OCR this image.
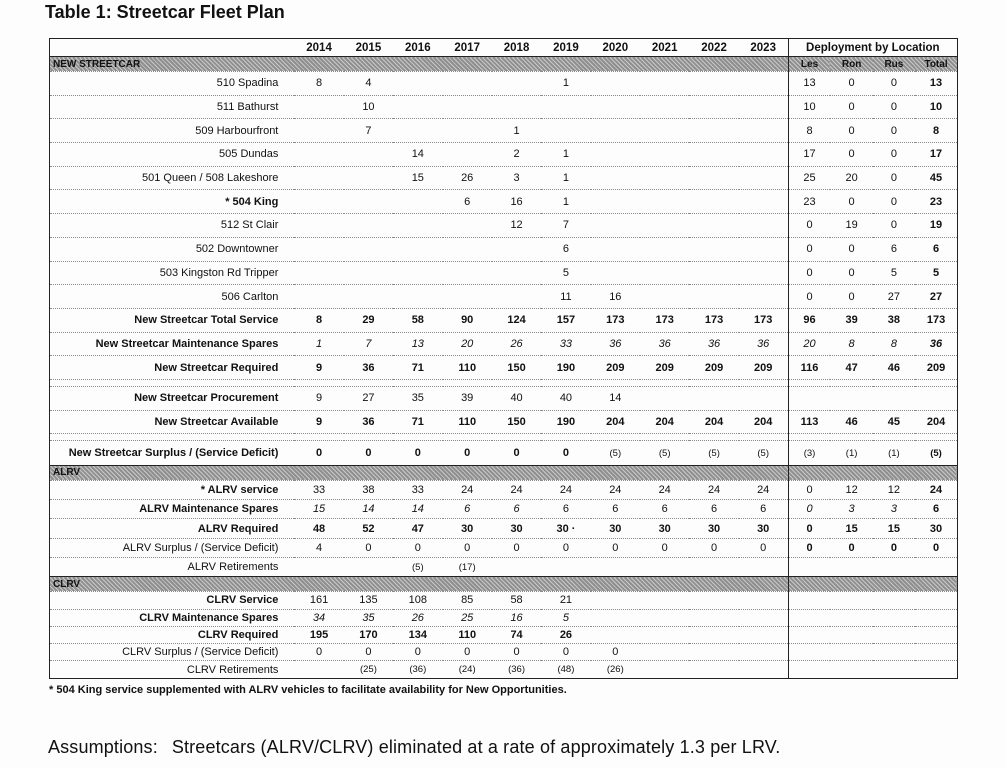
Table 1: Streetcar Fleet Plan
	2014	2015	2016	2017	2018	2019	2020	2021	2022	2023	Deployment by Location			
NEW STREETCAR											Les	Ron	Rus	Total
510 Spadina	8	4				1					13	0	0	13
511 Bathurst		10									10	0	0	10
509 Harbourfront		7			1						8	0	0	8
505 Dundas			14		2	1					17	0	0	17
501 Queen / 508 Lakeshore			15	26	3	1					25	20	0	45
* 504 King				6	16	1					23	0	0	23
512 St Clair					12	7					0	19	0	19
502 Downtowner						6					0	0	6	6
503 Kingston Rd Tripper						5					0	0	5	5
506 Carlton						11	16				0	0	27	27
New Streetcar Total Service	8	29	58	90	124	157	173	173	173	173	96	39	38	173
New Streetcar Maintenance Spares	1	7	13	20	26	33	36	36	36	36	20	8	8	36
New Streetcar Required	9	36	71	110	150	190	209	209	209	209	116	47	46	209

New Streetcar Procurement	9	27	35	39	40	40	14							
New Streetcar Available	9	36	71	110	150	190	204	204	204	204	113	46	45	204

New Streetcar Surplus / (Service Deficit)	0	0	0	0	0	0	(5)	(5)	(5)	(5)	(3)	(1)	(1)	(5)
ALRV														
* ALRV service	33	38	33	24	24	24	24	24	24	24	0	12	12	24
ALRV Maintenance Spares	15	14	14	6	6	6	6	6	6	6	0	3	3	6
ALRV Required	48	52	47	30	30	30 ·	30	30	30	30	0	15	15	30
ALRV Surplus / (Service Deficit)	4	0	0	0	0	0	0	0	0	0	0	0	0	0
ALRV Retirements			(5)	(17)										
CLRV														
CLRV Service	161	135	108	85	58	21								
CLRV Maintenance Spares	34	35	26	25	16	5								
CLRV Required	195	170	134	110	74	26								
CLRV Surplus / (Service Deficit)	0	0	0	0	0	0	0							
CLRV Retirements		(25)	(36)	(24)	(36)	(48)	(26)							
* 504 King service supplemented with ALRV vehicles to facilitate availability for New Opportunities.
Assumptions: Streetcars (ALRV/CLRV) eliminated at a rate of approximately 1.3 per LRV.
